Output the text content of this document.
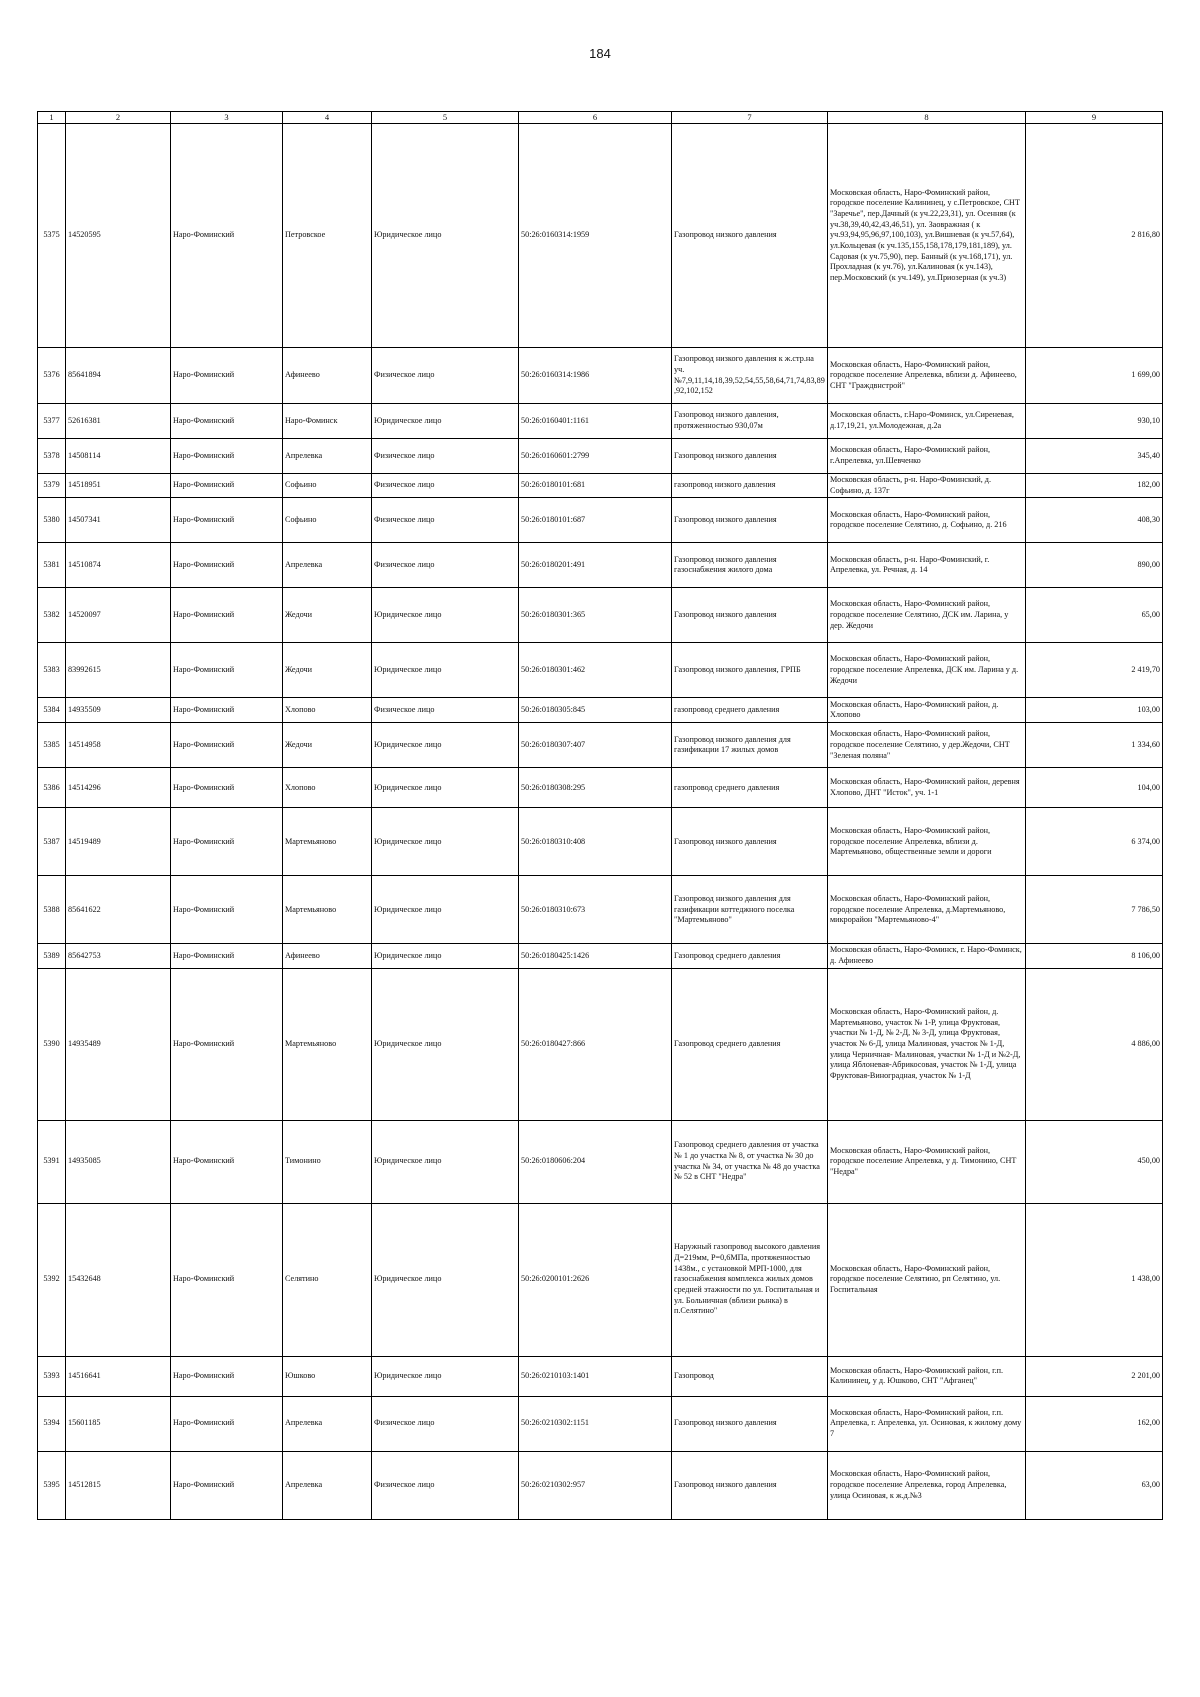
184
1	2	3	4	5	6	7	8	9
5375	14520595	Наро-Фоминский	Петровское	Юридическое лицо	50:26:0160314:1959	Газопровод низкого давления	Московская область, Наро-Фоминский район, городское поселение Калининец, у с.Петровское, СНТ "Заречье", пер.Дачный (к уч.22,23,31), ул. Осенняя (к уч.38,39,40,42,43,46,51), ул. Заовражная ( к уч.93,94,95,96,97,100,103), ул.Вишневая (к уч.57,64), ул.Кольцевая (к уч.135,155,158,178,179,181,189), ул. Садовая (к уч.75,90), пер. Банный (к уч.168,171), ул. Прохладная (к уч.76), ул.Калиновая (к уч.143), пер.Московский (к уч.149), ул.Приозерная (к уч.3)	2 816,80
5376	85641894	Наро-Фоминский	Афинеево	Физическое лицо	50:26:0160314:1986	Газопровод низкого давления к ж.стр.на уч.№7,9,11,14,18,39,52,54,55,58,64,71,74,83,89,92,102,152	Московская область, Наро-Фоминский район, городское поселение Апрелевка, вблизи д. Афинеево, СНТ "Граждвнстрой"	1 699,00
5377	52616381	Наро-Фоминский	Наро-Фоминск	Юридическое лицо	50:26:0160401:1161	Газопровод низкого давления, протяженностью 930,07м	Московская область, г.Наро-Фоминск, ул.Сиреневая, д.17,19,21, ул.Молодежная, д.2а	930,10
5378	14508114	Наро-Фоминский	Апрелевка	Физическое лицо	50:26:0160601:2799	Газопровод низкого давления	Московская область, Наро-Фоминский район, г.Апрелевка, ул.Шевченко	345,40
5379	14518951	Наро-Фоминский	Софьино	Физическое лицо	50:26:0180101:681	газопровод низкого давления	Московская область, р-н. Наро-Фоминский, д. Софьино, д. 137г	182,00
5380	14507341	Наро-Фоминский	Софьино	Физическое лицо	50:26:0180101:687	Газопровод низкого давления	Московская область, Наро-Фоминский район, городское поселение Селятино, д. Софьино, д. 216	408,30
5381	14510874	Наро-Фоминский	Апрелевка	Физическое лицо	50:26:0180201:491	Газопровод низкого давления газоснабжения жилого дома	Московская область, р-н. Наро-Фоминский, г. Апрелевка, ул. Речная, д. 14	890,00
5382	14520097	Наро-Фоминский	Жедочи	Юридическое лицо	50:26:0180301:365	Газопровод низкого давления	Московская область, Наро-Фоминский район, городское поселение Селятино, ДСК им. Ларина, у дер. Жедочи	65,00
5383	83992615	Наро-Фоминский	Жедочи	Юридическое лицо	50:26:0180301:462	Газопровод низкого давления, ГРПБ	Московская область, Наро-Фоминский район, городское поселение Апрелевка, ДСК им. Ларина у д. Жедочи	2 419,70
5384	14935509	Наро-Фоминский	Хлопово	Физическое лицо	50:26:0180305:845	газопровод среднего давления	Московская область, Наро-Фоминский район, д. Хлопово	103,00
5385	14514958	Наро-Фоминский	Жедочи	Юридическое лицо	50:26:0180307:407	Газопровод низкого давления для газификации 17 жилых домов	Московская область, Наро-Фоминский район, городское поселение Селятино, у дер.Жедочи, СНТ "Зеленая поляна"	1 334,60
5386	14514296	Наро-Фоминский	Хлопово	Юридическое лицо	50:26:0180308:295	газопровод среднего давления	Московская область, Наро-Фоминский район, деревня Хлопово, ДНТ "Исток", уч. 1-1	104,00
5387	14519489	Наро-Фоминский	Мартемьяново	Юридическое лицо	50:26:0180310:408	Газопровод низкого давления	Московская область, Наро-Фоминский район, городское поселение Апрелевка, вблизи д. Мартемьяново, общественные земли и дороги	6 374,00
5388	85641622	Наро-Фоминский	Мартемьяново	Юридическое лицо	50:26:0180310:673	Газопровод низкого давления для газификации коттеджного поселка "Мартемьяново"	Московская область, Наро-Фоминский район, городское поселение Апрелевка, д.Мартемьяново, микрорайон "Мартемьяново-4"	7 786,50
5389	85642753	Наро-Фоминский	Афинеево	Юридическое лицо	50:26:0180425:1426	Газопровод среднего давления	Московская область, Наро-Фоминск, г. Наро-Фоминск, д. Афинеево	8 106,00
5390	14935489	Наро-Фоминский	Мартемьяново	Юридическое лицо	50:26:0180427:866	Газопровод среднего давления	Московская область, Наро-Фоминский район, д. Мартемьяново, участок № 1-Р, улица Фруктовая, участки № 1-Д, № 2-Д, № 3-Д, улица Фруктовая, участок № 6-Д, улица Малиновая, участок № 1-Д, улица Черничная- Малиновая, участки № 1-Д и №2-Д, улица Яблоневая-Абрикосовая, участок № 1-Д, улица Фруктовая-Виноградная, участок № 1-Д	4 886,00
5391	14935085	Наро-Фоминский	Тимонино	Юридическое лицо	50:26:0180606:204	Газопровод среднего давления от участка № 1 до участка № 8, от участка № 30 до участка № 34, от участка № 48 до участка № 52 в СНТ "Недра"	Московская область, Наро-Фоминский район, городское поселение Апрелевка, у д. Тимонино, СНТ "Недра"	450,00
5392	15432648	Наро-Фоминский	Селятино	Юридическое лицо	50:26:0200101:2626	Наружный газопровод высокого давления Д=219мм, Р=0,6МПа, протяженностью 1438м., с установкой МРП-1000, для газоснабжения комплекса жилых домов средней этажности по ул. Госпитальная и ул. Больничная (вблизи рынка) в п.Селятино"	Московская область, Наро-Фоминский район, городское поселение Селятино, рп Селятино, ул. Госпитальная	1 438,00
5393	14516641	Наро-Фоминский	Юшково	Юридическое лицо	50:26:0210103:1401	Газопровод	Московская область, Наро-Фоминский район, г.п. Калининец, у д. Юшково, СНТ "Афганец"	2 201,00
5394	15601185	Наро-Фоминский	Апрелевка	Физическое лицо	50:26:0210302:1151	Газопровод низкого давления	Московская область, Наро-Фоминский район, г.п. Апрелевка, г. Апрелевка, ул. Осиновая, к жилому дому 7	162,00
5395	14512815	Наро-Фоминский	Апрелевка	Физическое лицо	50:26:0210302:957	Газопровод низкого давления	Московская область, Наро-Фоминский район, городское поселение Апрелевка, город Апрелевка, улица Осиновая, к ж.д.№3	63,00
